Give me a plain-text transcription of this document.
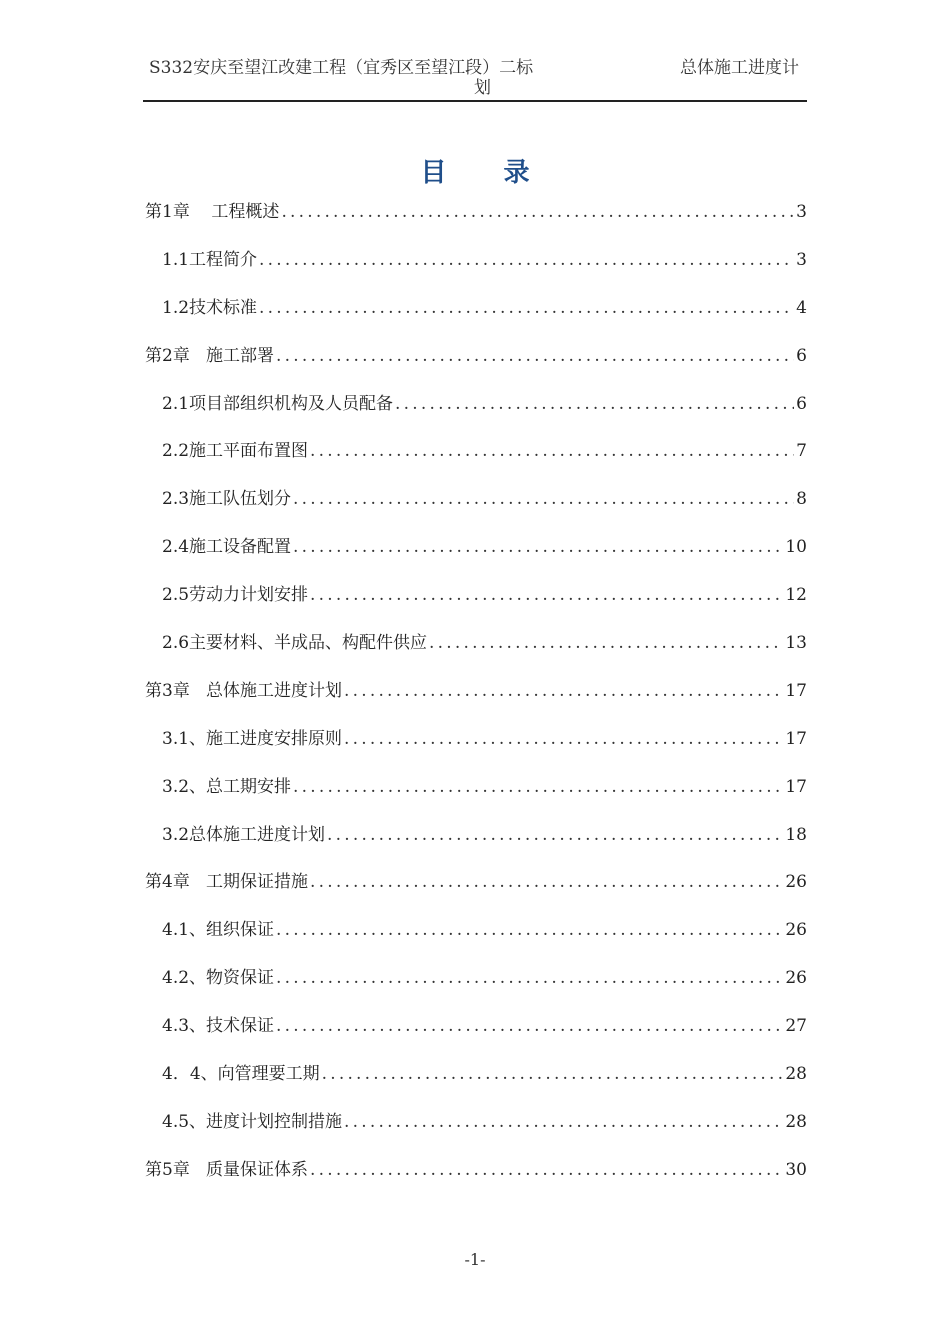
S332安庆至望江改建工程（宜秀区至望江段）二标
划
总体施工进度计
目 录
第1章    工程概述 .....	3
1.1工程简介 .....	3
1.2技术标准 .....	4
第2章   施工部署 .....	6
2.1项目部组织机构及人员配备 .....	6
2.2施工平面布置图 .....	7
2.3施工队伍划分 .....	8
2.4施工设备配置 .....	10
2.5劳动力计划安排 .....	12
2.6主要材料、半成品、构配件供应 .....	13
第3章   总体施工进度计划 .....	17
3.1、施工进度安排原则 .....	17
3.2、总工期安排 .....	17
3.2总体施工进度计划 .....	18
第4章   工期保证措施 .....	26
4.1、组织保证 .....	26
4.2、物资保证 .....	26
4.3、技术保证 .....	27
4．4、向管理要工期 .....	28
4.5、进度计划控制措施 .....	28
第5章   质量保证体系 .....	30
-1-
